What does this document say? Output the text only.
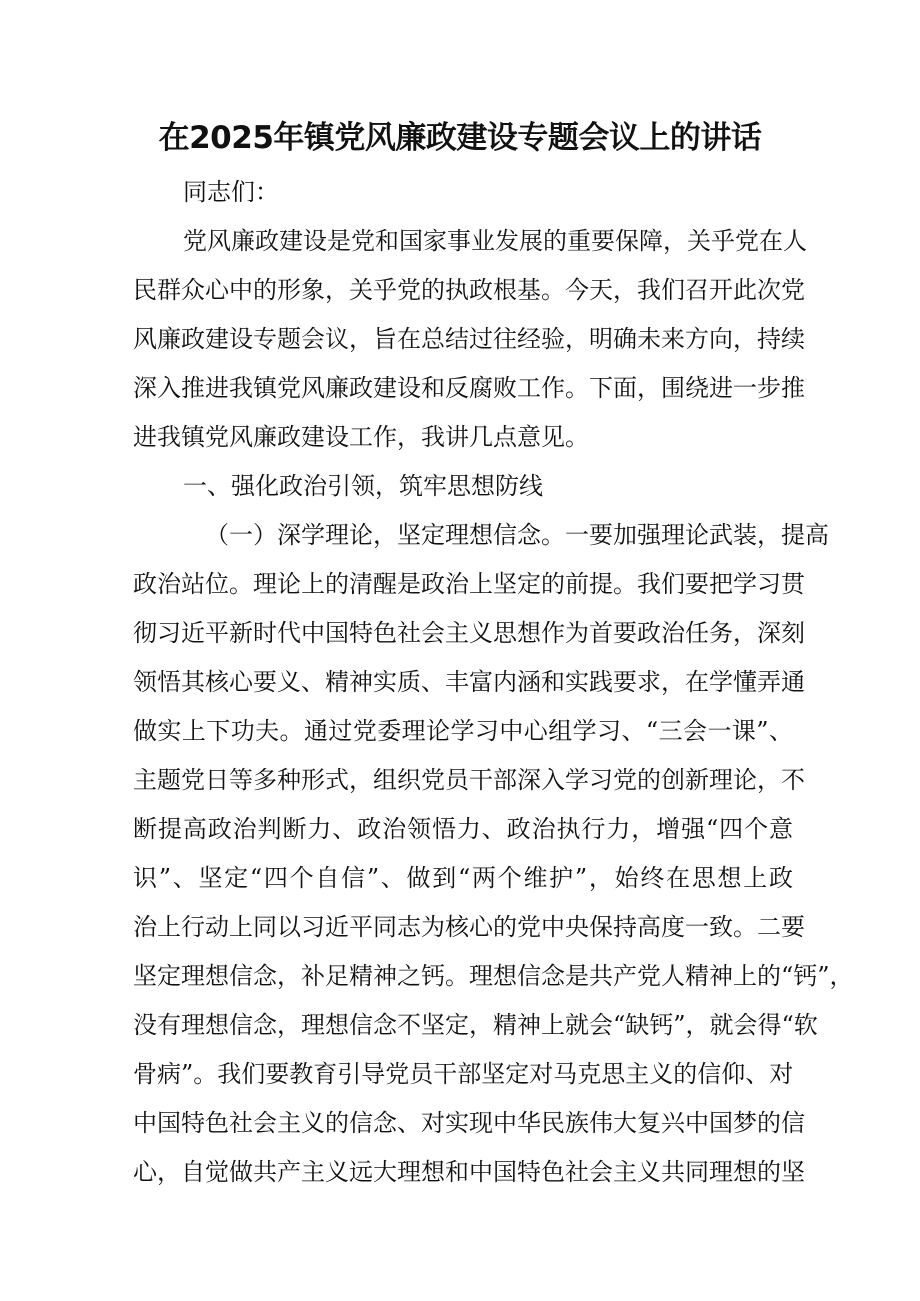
在2025年镇党风廉政建设专题会议上的讲话
同志们：
党风廉政建设是党和国家事业发展的重要保障，关乎党在人
民群众心中的形象，关乎党的执政根基。今天，我们召开此次党
风廉政建设专题会议，旨在总结过往经验，明确未来方向，持续
深入推进我镇党风廉政建设和反腐败工作。下面，围绕进一步推
进我镇党风廉政建设工作，我讲几点意见。
一、强化政治引领，筑牢思想防线
（一）深学理论，坚定理想信念。一要加强理论武装，提高
政治站位。理论上的清醒是政治上坚定的前提。我们要把学习贯
彻习近平新时代中国特色社会主义思想作为首要政治任务，深刻
领悟其核心要义、精神实质、丰富内涵和实践要求，在学懂弄通
做实上下功夫。通过党委理论学习中心组学习、“三会一课”、
主题党日等多种形式，组织党员干部深入学习党的创新理论，不
断提高政治判断力、政治领悟力、政治执行力，增强“四个意
识”、坚定“四个自信”、做到“两个维护”，始终在思想上政
治上行动上同以习近平同志为核心的党中央保持高度一致。二要
坚定理想信念，补足精神之钙。理想信念是共产党人精神上的“钙”，
没有理想信念，理想信念不坚定，精神上就会“缺钙”，就会得“软
骨病”。我们要教育引导党员干部坚定对马克思主义的信仰、对
中国特色社会主义的信念、对实现中华民族伟大复兴中国梦的信
心，自觉做共产主义远大理想和中国特色社会主义共同理想的坚
